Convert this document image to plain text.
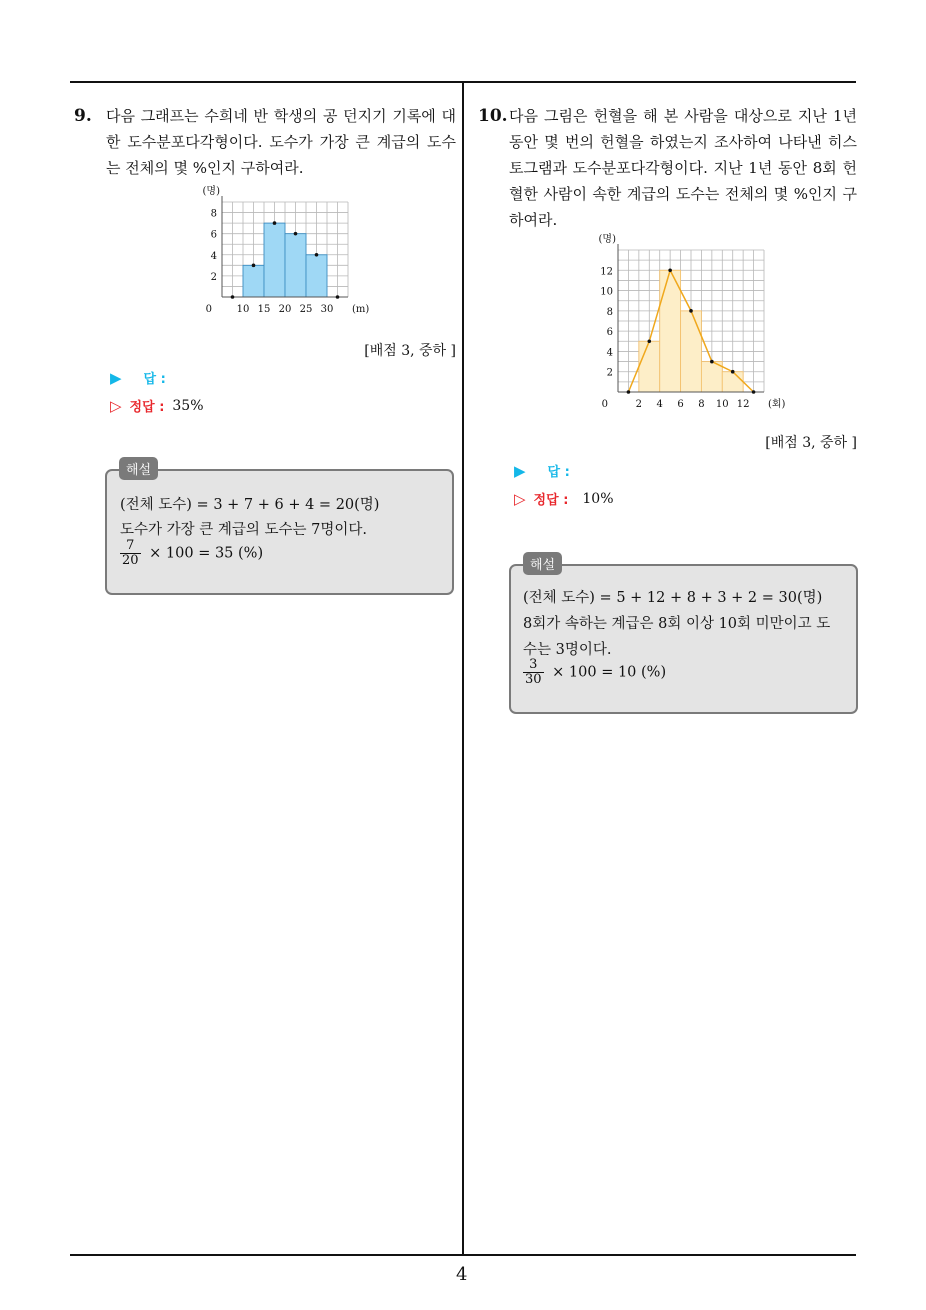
4
9. 다음 그래프는 수희네 반 학생의 공 던지기 기록에 대한 도수분포다각형이다. 도수가 가장 큰 계급의 도수는 전체의 몇 %인지 구하여라.
2
4
6
8
10 15 20 25 30
0
(명)
(m)
[배점 3, 중하 ]
▶ 답 :
▷ 정답 : 35%
(전체 도수) = 3 + 7 + 6 + 4 = 20(명)
도수가 가장 큰 계급의 도수는 7명이다.
$\frac{7}{20} \times 100 = 35$ (%)
해설
10. 다음 그림은 헌혈을 해 본 사람을 대상으로 지난 1년 동안 몇 번의 헌혈을 하였는지 조사하여 나타낸 히스토그램과 도수분포다각형이다. 지난 1년 동안 8회 헌혈한 사람이 속한 계급의 도수는 전체의 몇 %인지 구하여라.
2
4
6
8
10
12
2 4 6 8 10 12
0
(명)
(회)
[배점 3, 중하 ]
▶ 답 :
▷ 정답 : 10%
(전체 도수) = 5 + 12 + 8 + 3 + 2 = 30(명)
8회가 속하는 계급은 8회 이상 10회 미만이고 도
수는 3명이다.
$\frac{3}{30} \times 100 = 10$ (%)
해설
